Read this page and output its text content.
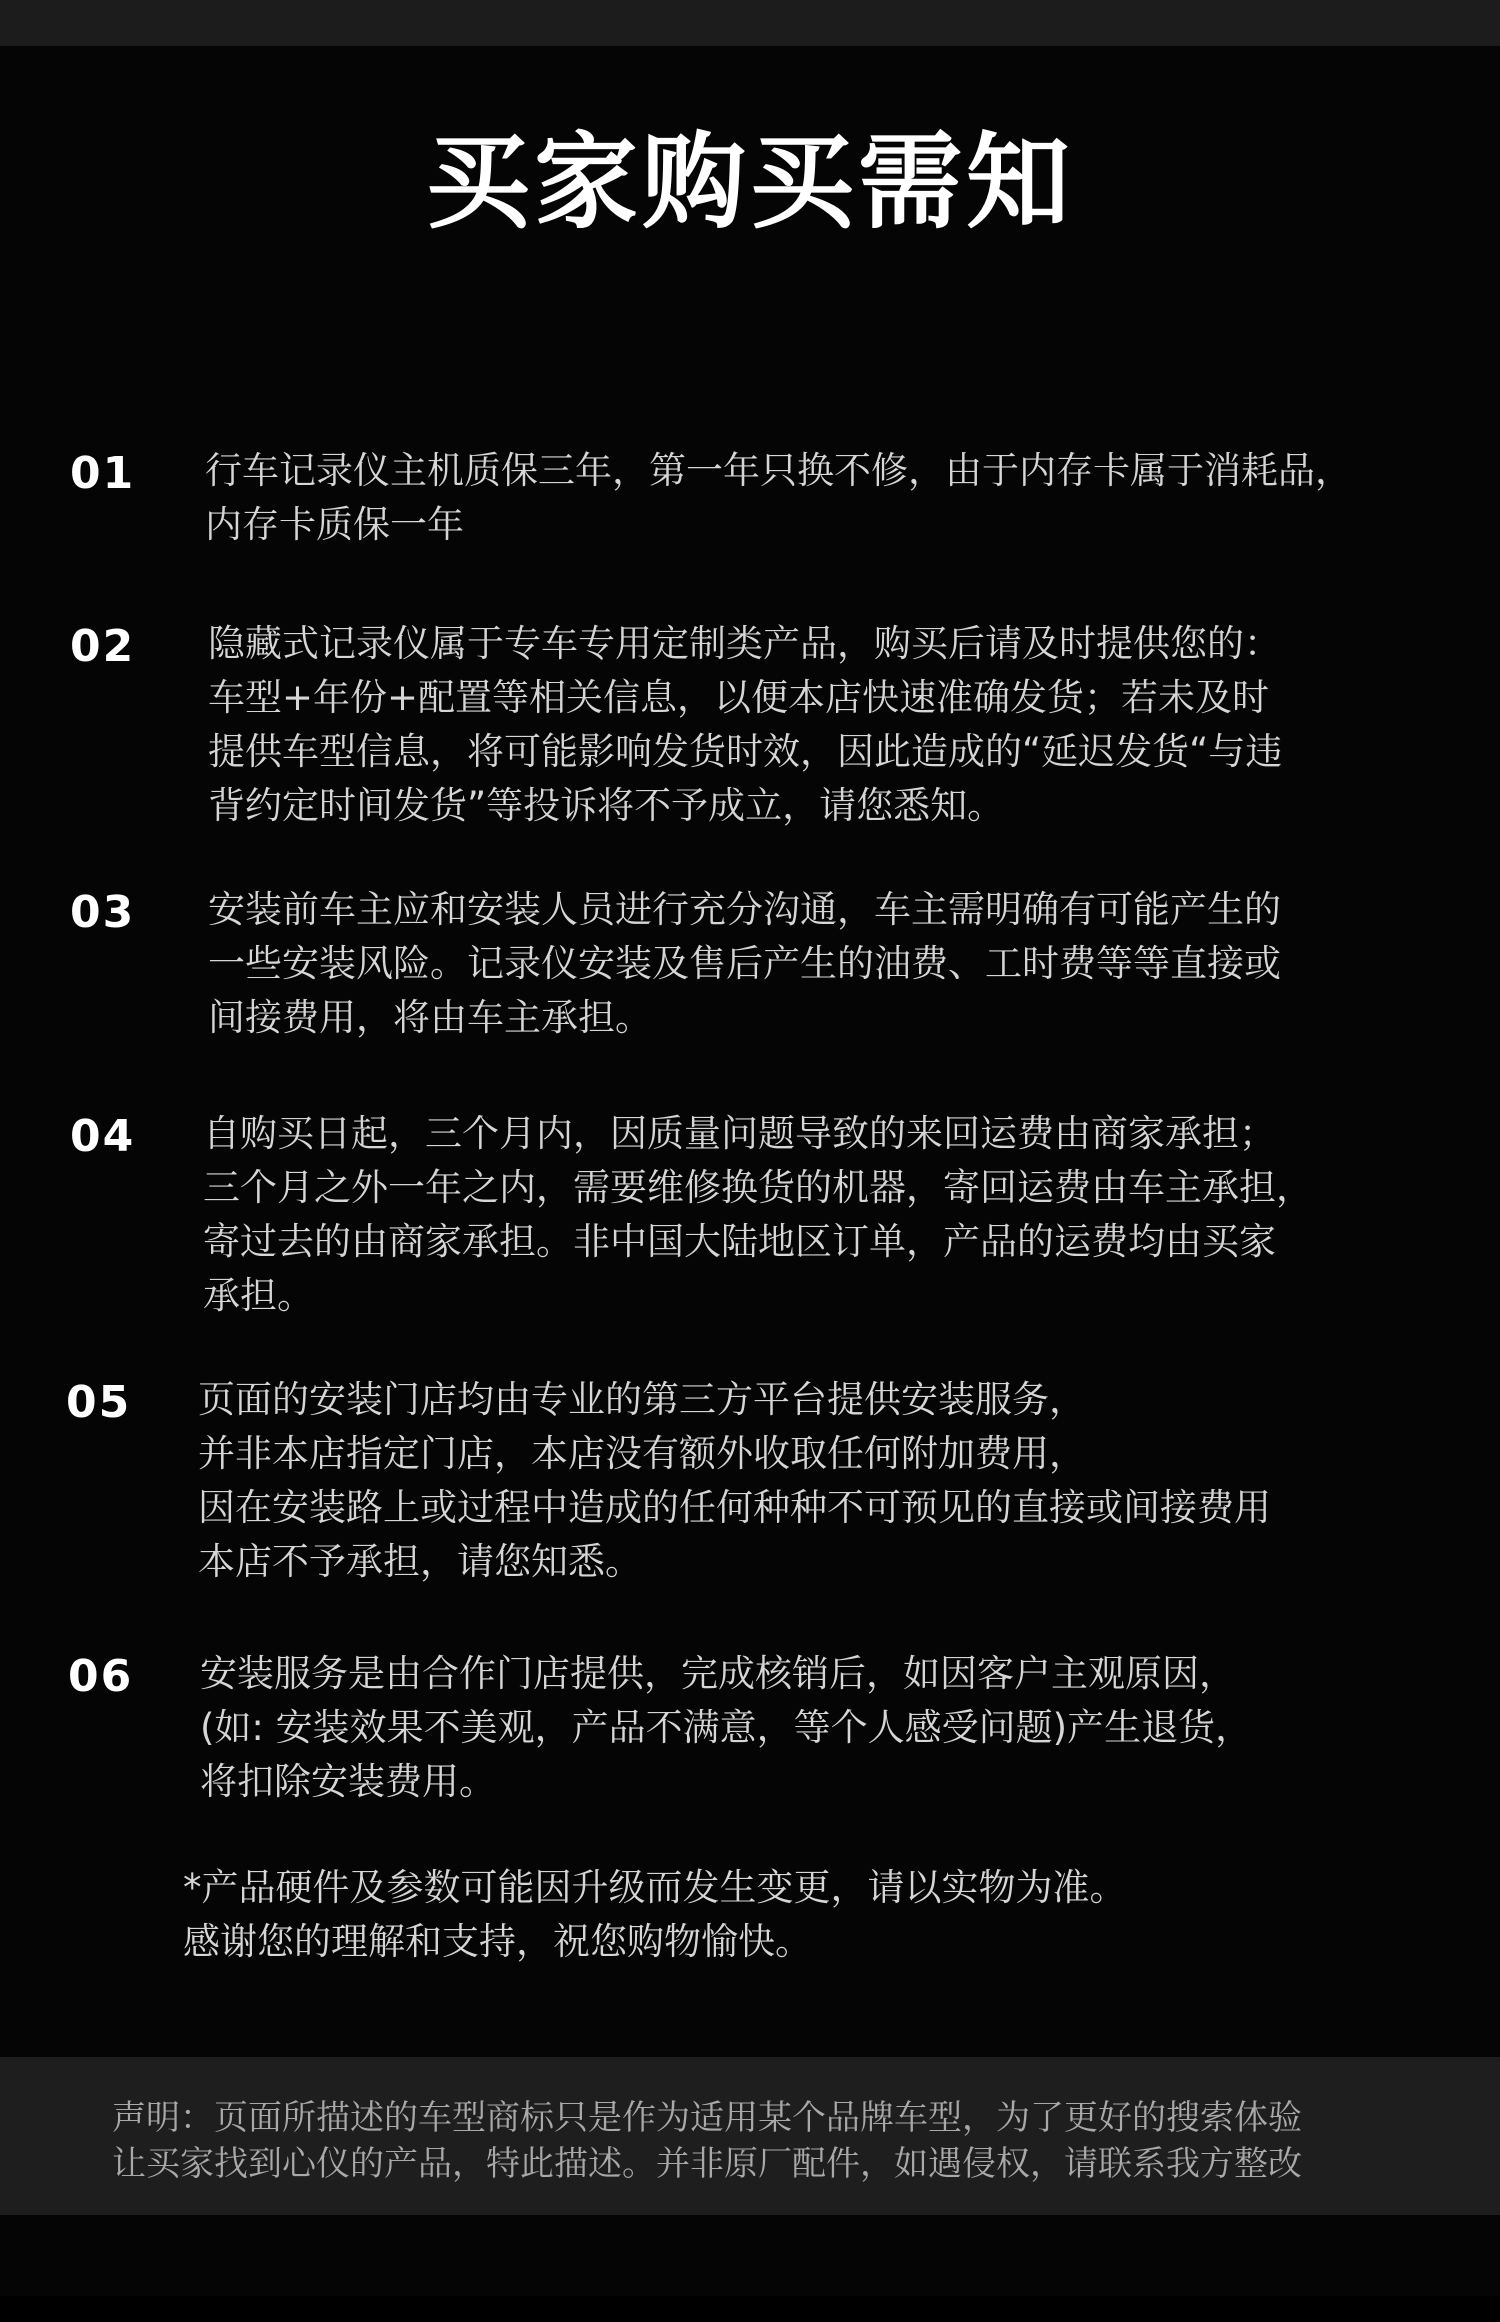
买家购买需知
01 行车记录仪主机质保三年，第一年只换不修，由于内存卡属于消耗品，
内存卡质保一年
02 隐藏式记录仪属于专车专用定制类产品，购买后请及时提供您的：
车型+年份+配置等相关信息，以便本店快速准确发货；若未及时
提供车型信息，将可能影响发货时效，因此造成的“延迟发货“与违
背约定时间发货”等投诉将不予成立，请您悉知。
03 安装前车主应和安装人员进行充分沟通，车主需明确有可能产生的
一些安装风险。记录仪安装及售后产生的油费、工时费等等直接或
间接费用，将由车主承担。
04 自购买日起，三个月内，因质量问题导致的来回运费由商家承担；
三个月之外一年之内，需要维修换货的机器，寄回运费由车主承担，
寄过去的由商家承担。非中国大陆地区订单，产品的运费均由买家
承担。
05 页面的安装门店均由专业的第三方平台提供安装服务，
并非本店指定门店，本店没有额外收取任何附加费用，
因在安装路上或过程中造成的任何种种不可预见的直接或间接费用
本店不予承担，请您知悉。
06 安装服务是由合作门店提供，完成核销后，如因客户主观原因，
(如: 安装效果不美观，产品不满意，等个人感受问题)产生退货，
将扣除安装费用。
*产品硬件及参数可能因升级而发生变更，请以实物为准。
感谢您的理解和支持，祝您购物愉快。
声明：页面所描述的车型商标只是作为适用某个品牌车型，为了更好的搜索体验
让买家找到心仪的产品，特此描述。并非原厂配件，如遇侵权，请联系我方整改
